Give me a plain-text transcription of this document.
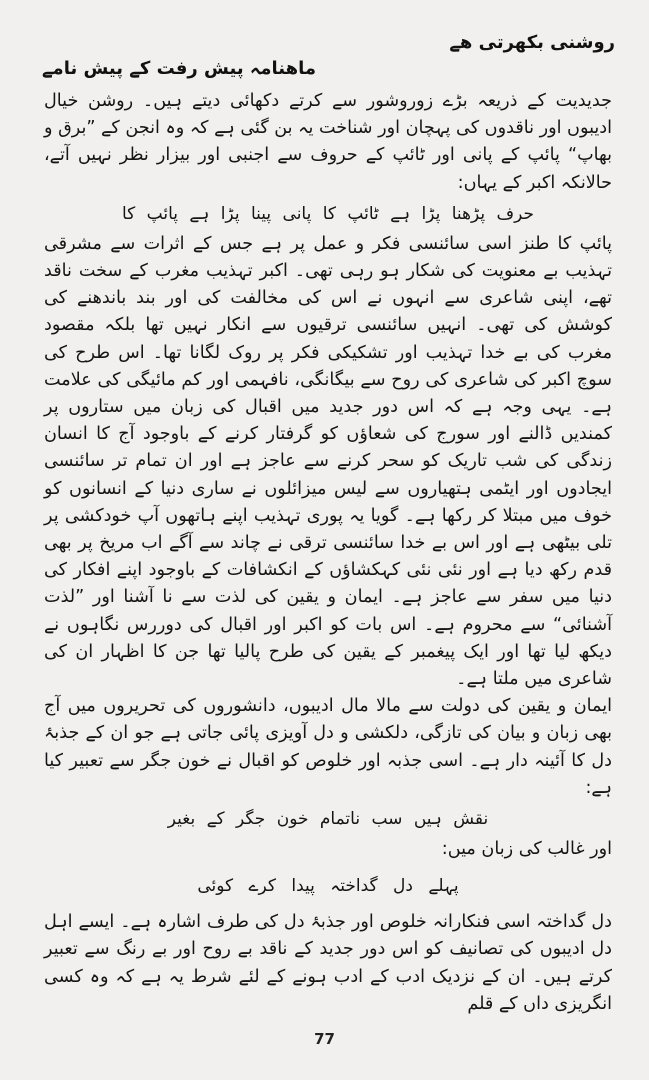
روشنی بکھرتی ھے
ماھنامہ پیش رفت کے پیش نامے

جدیدیت کے ذریعہ بڑے زوروشور سے کرتے دکھائی دیتے ہیں۔ روشن خیال ادیبوں اور ناقدوں کی پہچان اور شناخت یہ بن گئی ہے کہ وہ انجن کے ”برق و بھاپ“ پائپ کے پانی اور ٹائپ کے حروف سے اجنبی اور بیزار نظر نہیں آتے، حالانکہ اکبر کے یہاں:

حرف پڑھنا پڑا ہے ٹائپ کا پانی پینا پڑا ہے پائپ کا

پائپ کا طنز اسی سائنسی فکر و عمل پر ہے جس کے اثرات سے مشرقی تہذیب بے معنویت کی شکار ہو رہی تھی۔ اکبر تہذیب مغرب کے سخت ناقد تھے، اپنی شاعری سے انہوں نے اس کی مخالفت کی اور بند باندھنے کی کوشش کی تھی۔ انہیں سائنسی ترقیوں سے انکار نہیں تھا بلکہ مقصود مغرب کی بے خدا تہذیب اور تشکیکی فکر پر روک لگانا تھا۔ اس طرح کی سوچ اکبر کی شاعری کی روح سے بیگانگی، نافہمی اور کم مائیگی کی علامت ہے۔ یہی وجہ ہے کہ اس دور جدید میں اقبال کی زبان میں ستاروں پر کمندیں ڈالنے اور سورج کی شعاؤں کو گرفتار کرنے کے باوجود آج کا انسان زندگی کی شب تاریک کو سحر کرنے سے عاجز ہے اور ان تمام تر سائنسی ایجادوں اور ایٹمی ہتھیاروں سے لیس میزائلوں نے ساری دنیا کے انسانوں کو خوف میں مبتلا کر رکھا ہے۔ گویا یہ پوری تہذیب اپنے ہاتھوں آپ خودکشی پر تلی بیٹھی ہے اور اس بے خدا سائنسی ترقی نے چاند سے آگے اب مریخ پر بھی قدم رکھ دیا ہے اور نئی نئی کہکشاؤں کے انکشافات کے باوجود اپنے افکار کی دنیا میں سفر سے عاجز ہے۔ ایمان و یقین کی لذت سے نا آشنا اور ”لذت آشنائی“ سے محروم ہے۔ اس بات کو اکبر اور اقبال کی دوررس نگاہوں نے دیکھ لیا تھا اور ایک پیغمبر کے یقین کی طرح پالیا تھا جن کا اظہار ان کی شاعری میں ملتا ہے۔

ایمان و یقین کی دولت سے مالا مال ادیبوں، دانشوروں کی تحریروں میں آج بھی زبان و بیان کی تازگی، دلکشی و دل آویزی پائی جاتی ہے جو ان کے جذبۂ دل کا آئینہ دار ہے۔ اسی جذبہ اور خلوص کو اقبال نے خون جگر سے تعبیر کیا ہے:

نقش ہیں سب ناتمام خون جگر کے بغیر

اور غالب کی زبان میں:

پہلے دل گداختہ پیدا کرے کوئی

دل گداختہ اسی فنکارانہ خلوص اور جذبۂ دل کی طرف اشارہ ہے۔ ایسے اہل دل ادیبوں کی تصانیف کو اس دور جدید کے ناقد بے روح اور بے رنگ سے تعبیر کرتے ہیں۔ ان کے نزدیک ادب کے ادب ہونے کے لئے شرط یہ ہے کہ وہ کسی انگریزی داں کے قلم

77
